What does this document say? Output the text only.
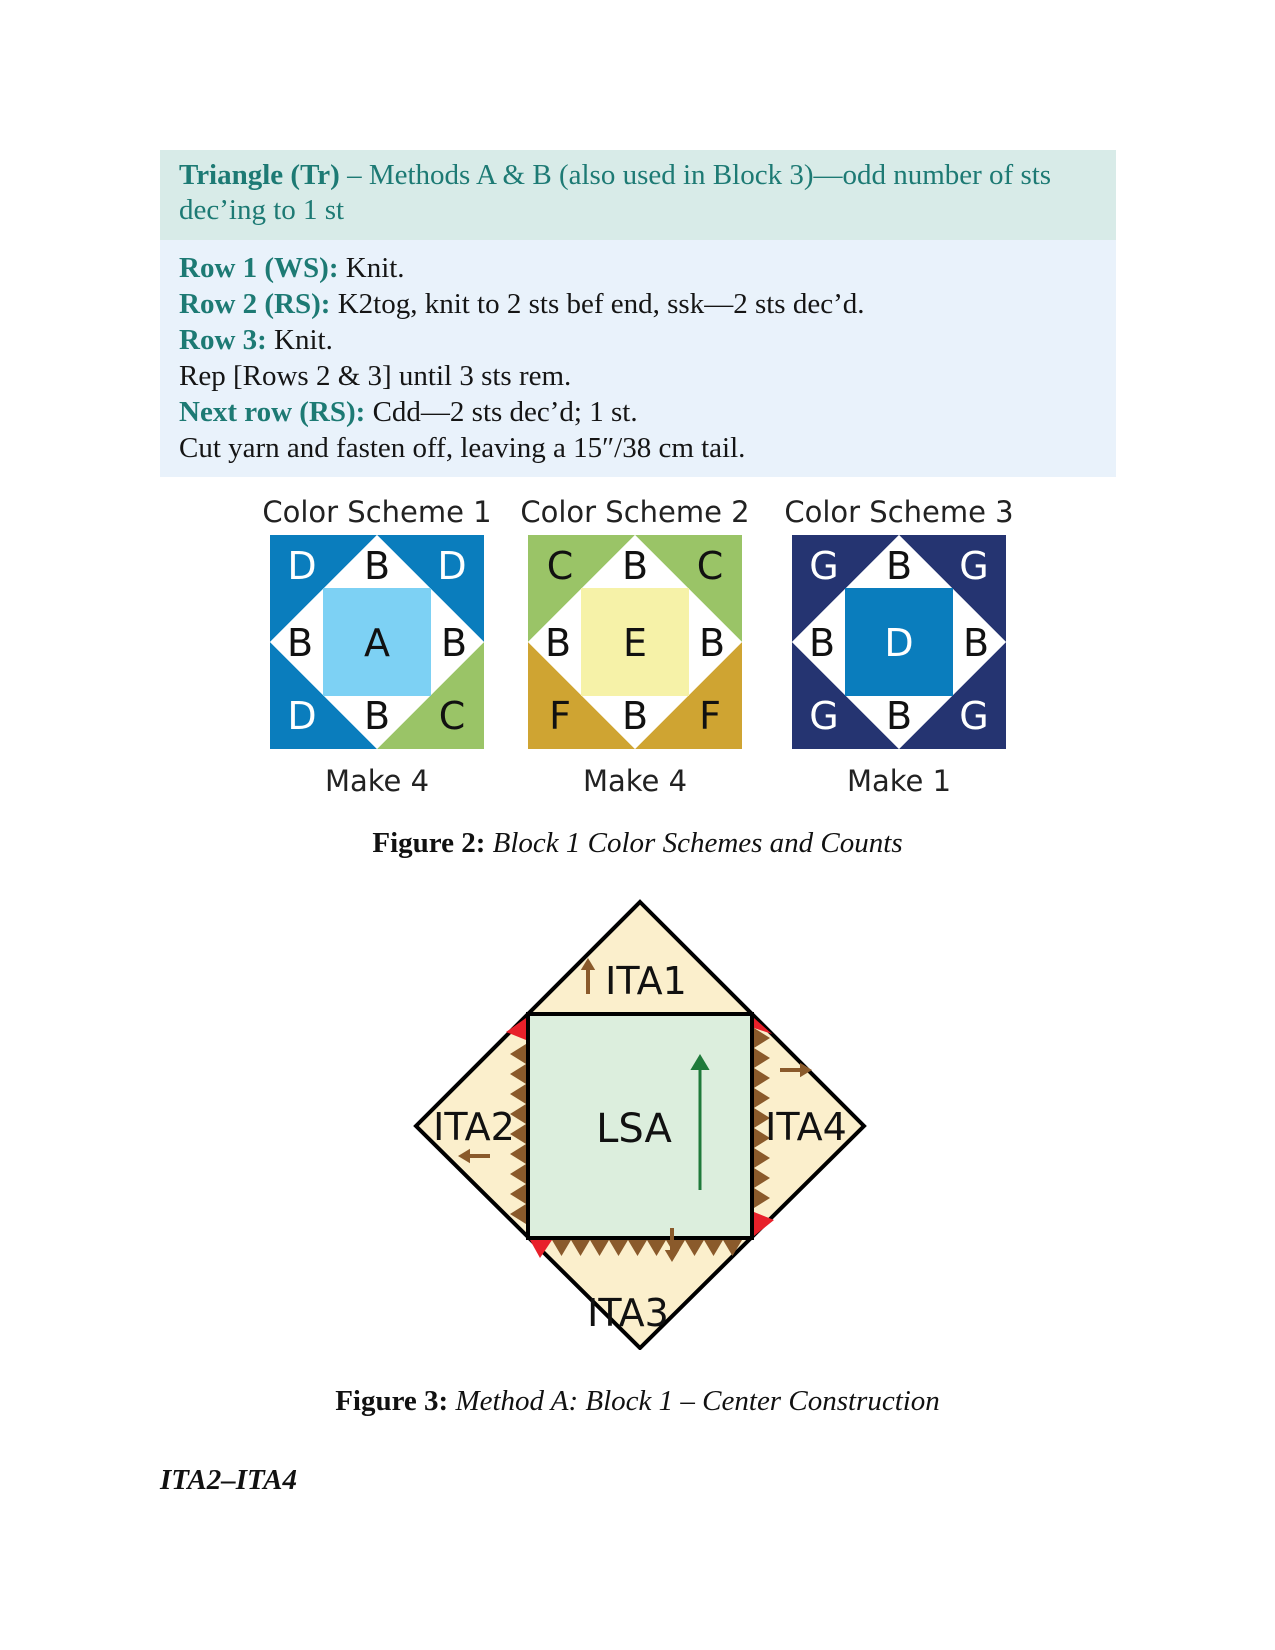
Triangle (Tr) – Methods A & B (also used in Block 3)—odd number of sts dec’ing to 1 st
Row 1 (WS): Knit.
Row 2 (RS): K2tog, knit to 2 sts bef end, ssk—2 sts dec’d.
Row 3: Knit.
Rep [Rows 2 & 3] until 3 sts rem.
Next row (RS): Cdd—2 sts dec’d; 1 st.
Cut yarn and fasten off, leaving a 15″/38 cm tail.
Color Scheme 1
D	D
D	C
B
B	B
B
A
Make 4
Color Scheme 2
C	C
F	F
B
B	B
B
E
Make 4
Color Scheme 3
G	G
G	G
B
B	B
B
D
Make 1
Figure 2: Block 1 Color Schemes and Counts
ITA1
ITA2
ITA3
ITA4
LSA
Figure 3: Method A: Block 1 – Center Construction
ITA2–ITA4
